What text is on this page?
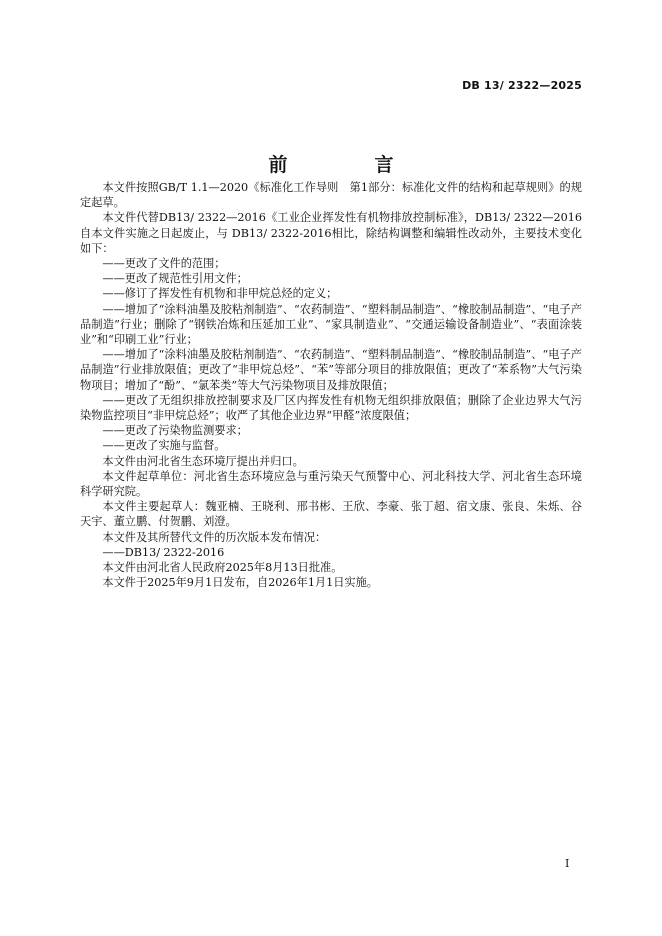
DB 13/ 2322—2025
前　言

本文件按照GB/T 1.1—2020《标准化工作导则　第1部分：标准化文件的结构和起草规则》的规定起草。

本文件代替DB13/ 2322—2016《工业企业挥发性有机物排放控制标准》，DB13/ 2322—2016自本文件实施之日起废止，与 DB13/ 2322-2016相比，除结构调整和编辑性改动外，主要技术变化如下：

——更改了文件的范围；

——更改了规范性引用文件；

——修订了挥发性有机物和非甲烷总烃的定义；

——增加了“涂料油墨及胶粘剂制造”、“农药制造”、“塑料制品制造”、“橡胶制品制造”、“电子产品制造”行业；删除了“钢铁冶炼和压延加工业”、“家具制造业”、“交通运输设备制造业”、“表面涂装业”和“印刷工业”行业；

——增加了“涂料油墨及胶粘剂制造”、“农药制造”、“塑料制品制造”、“橡胶制品制造”、“电子产品制造”行业排放限值；更改了“非甲烷总烃”、“苯”等部分项目的排放限值；更改了“苯系物”大气污染物项目；增加了“酚”、“氯苯类”等大气污染物项目及排放限值；

——更改了无组织排放控制要求及厂区内挥发性有机物无组织排放限值；删除了企业边界大气污染物监控项目“非甲烷总烃”；收严了其他企业边界“甲醛”浓度限值；

——更改了污染物监测要求；

——更改了实施与监督。

本文件由河北省生态环境厅提出并归口。

本文件起草单位：河北省生态环境应急与重污染天气预警中心、河北科技大学、河北省生态环境科学研究院。

本文件主要起草人：魏亚楠、王晓利、邢书彬、王欣、李豪、张丁超、宿文康、张良、朱烁、谷天宇、董立鹏、付贺鹏、刘澄。

本文件及其所替代文件的历次版本发布情况：

——DB13/ 2322-2016

本文件由河北省人民政府2025年8月13日批准。

本文件于2025年9月1日发布，自2026年1月1日实施。

I
